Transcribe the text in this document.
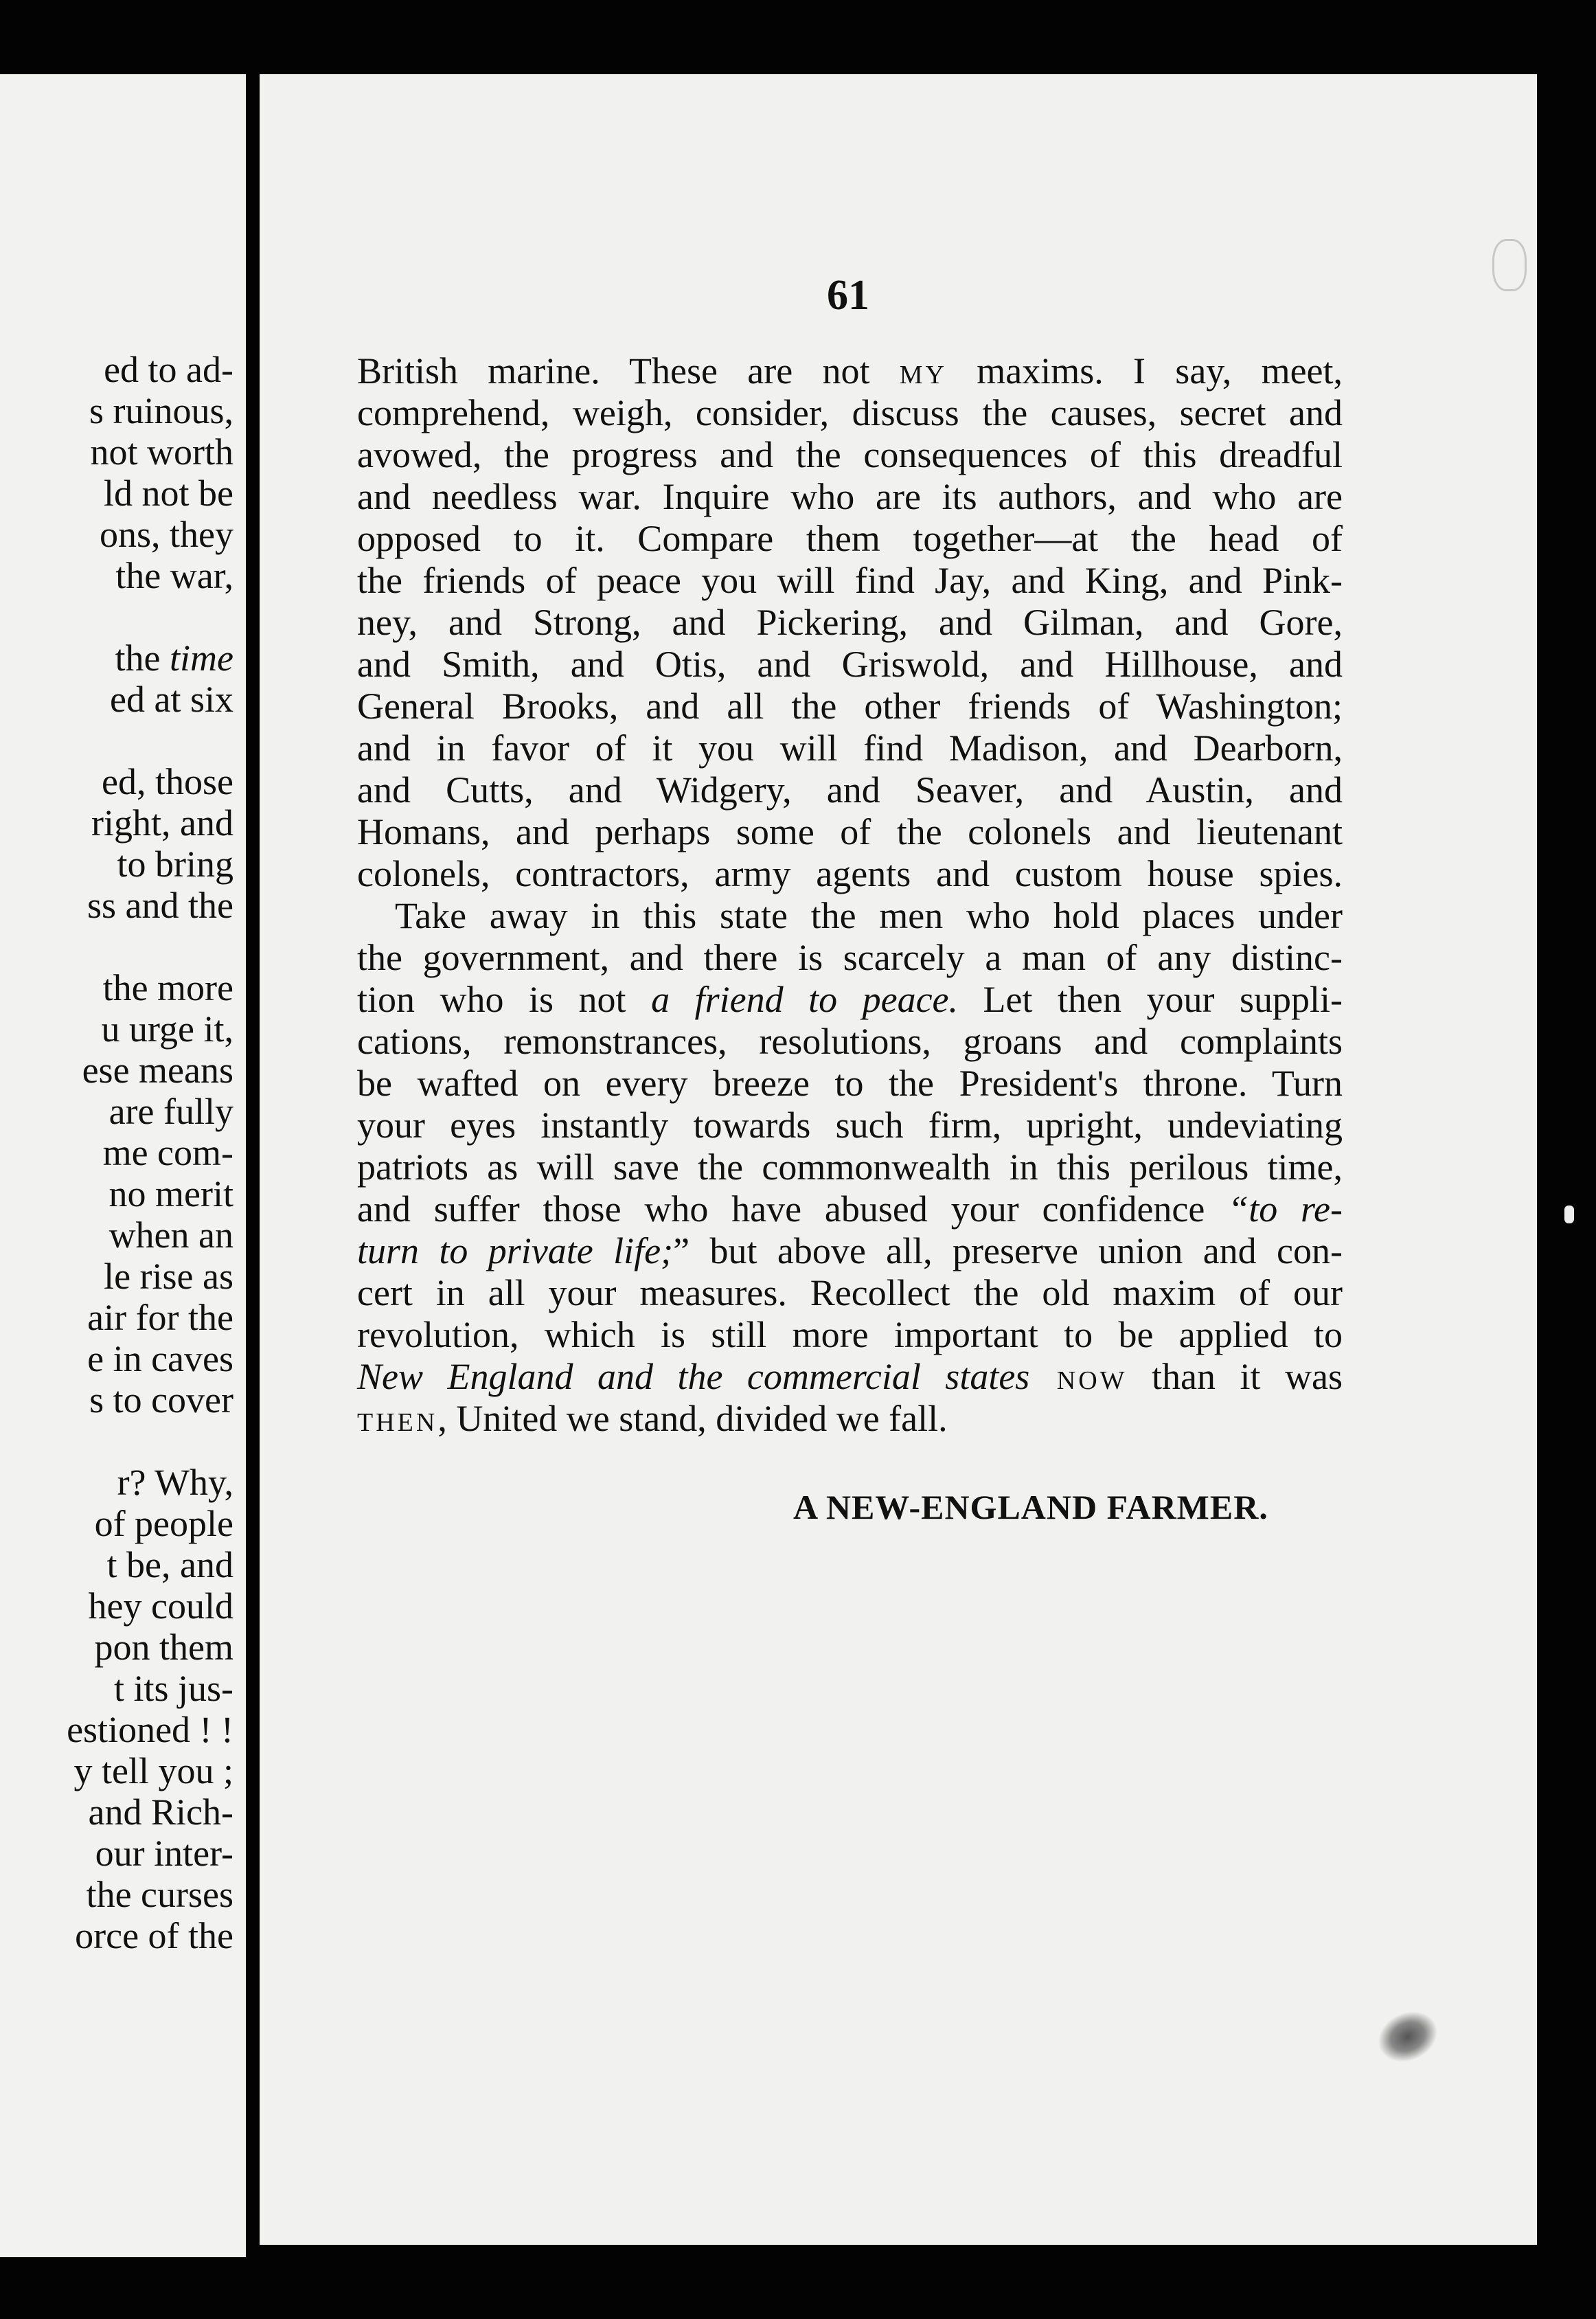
ed to ad-
s ruinous,
not worth
ld not be
ons, they
the war,
the time
ed at six
ed, those
right, and
to bring
ss and the
the more
u urge it,
ese means
are fully
me com-
no merit
when an
le rise as
air for the
e in caves
s to cover
r? Why,
of people
t be, and
hey could
pon them
t its jus-
estioned ! !
y tell you ;
and Rich-
our inter-
the curses
orce of the
61
British marine. These are not my maxims. I say, meet,
comprehend, weigh, consider, discuss the causes, secret and
avowed, the progress and the consequences of this dreadful
and needless war. Inquire who are its authors, and who are
opposed to it. Compare them together—at the head of
the friends of peace you will find Jay, and King, and Pink-
ney, and Strong, and Pickering, and Gilman, and Gore,
and Smith, and Otis, and Griswold, and Hillhouse, and
General Brooks, and all the other friends of Washington;
and in favor of it you will find Madison, and Dearborn,
and Cutts, and Widgery, and Seaver, and Austin, and
Homans, and perhaps some of the colonels and lieutenant
colonels, contractors, army agents and custom house spies.
Take away in this state the men who hold places under
the government, and there is scarcely a man of any distinc-
tion who is not a friend to peace. Let then your suppli-
cations, remonstrances, resolutions, groans and complaints
be wafted on every breeze to the President's throne. Turn
your eyes instantly towards such firm, upright, undeviating
patriots as will save the commonwealth in this perilous time,
and suffer those who have abused your confidence “to re-
turn to private life;” but above all, preserve union and con-
cert in all your measures. Recollect the old maxim of our
revolution, which is still more important to be applied to
New England and the commercial states now than it was
then, United we stand, divided we fall.
A NEW-ENGLAND FARMER.
